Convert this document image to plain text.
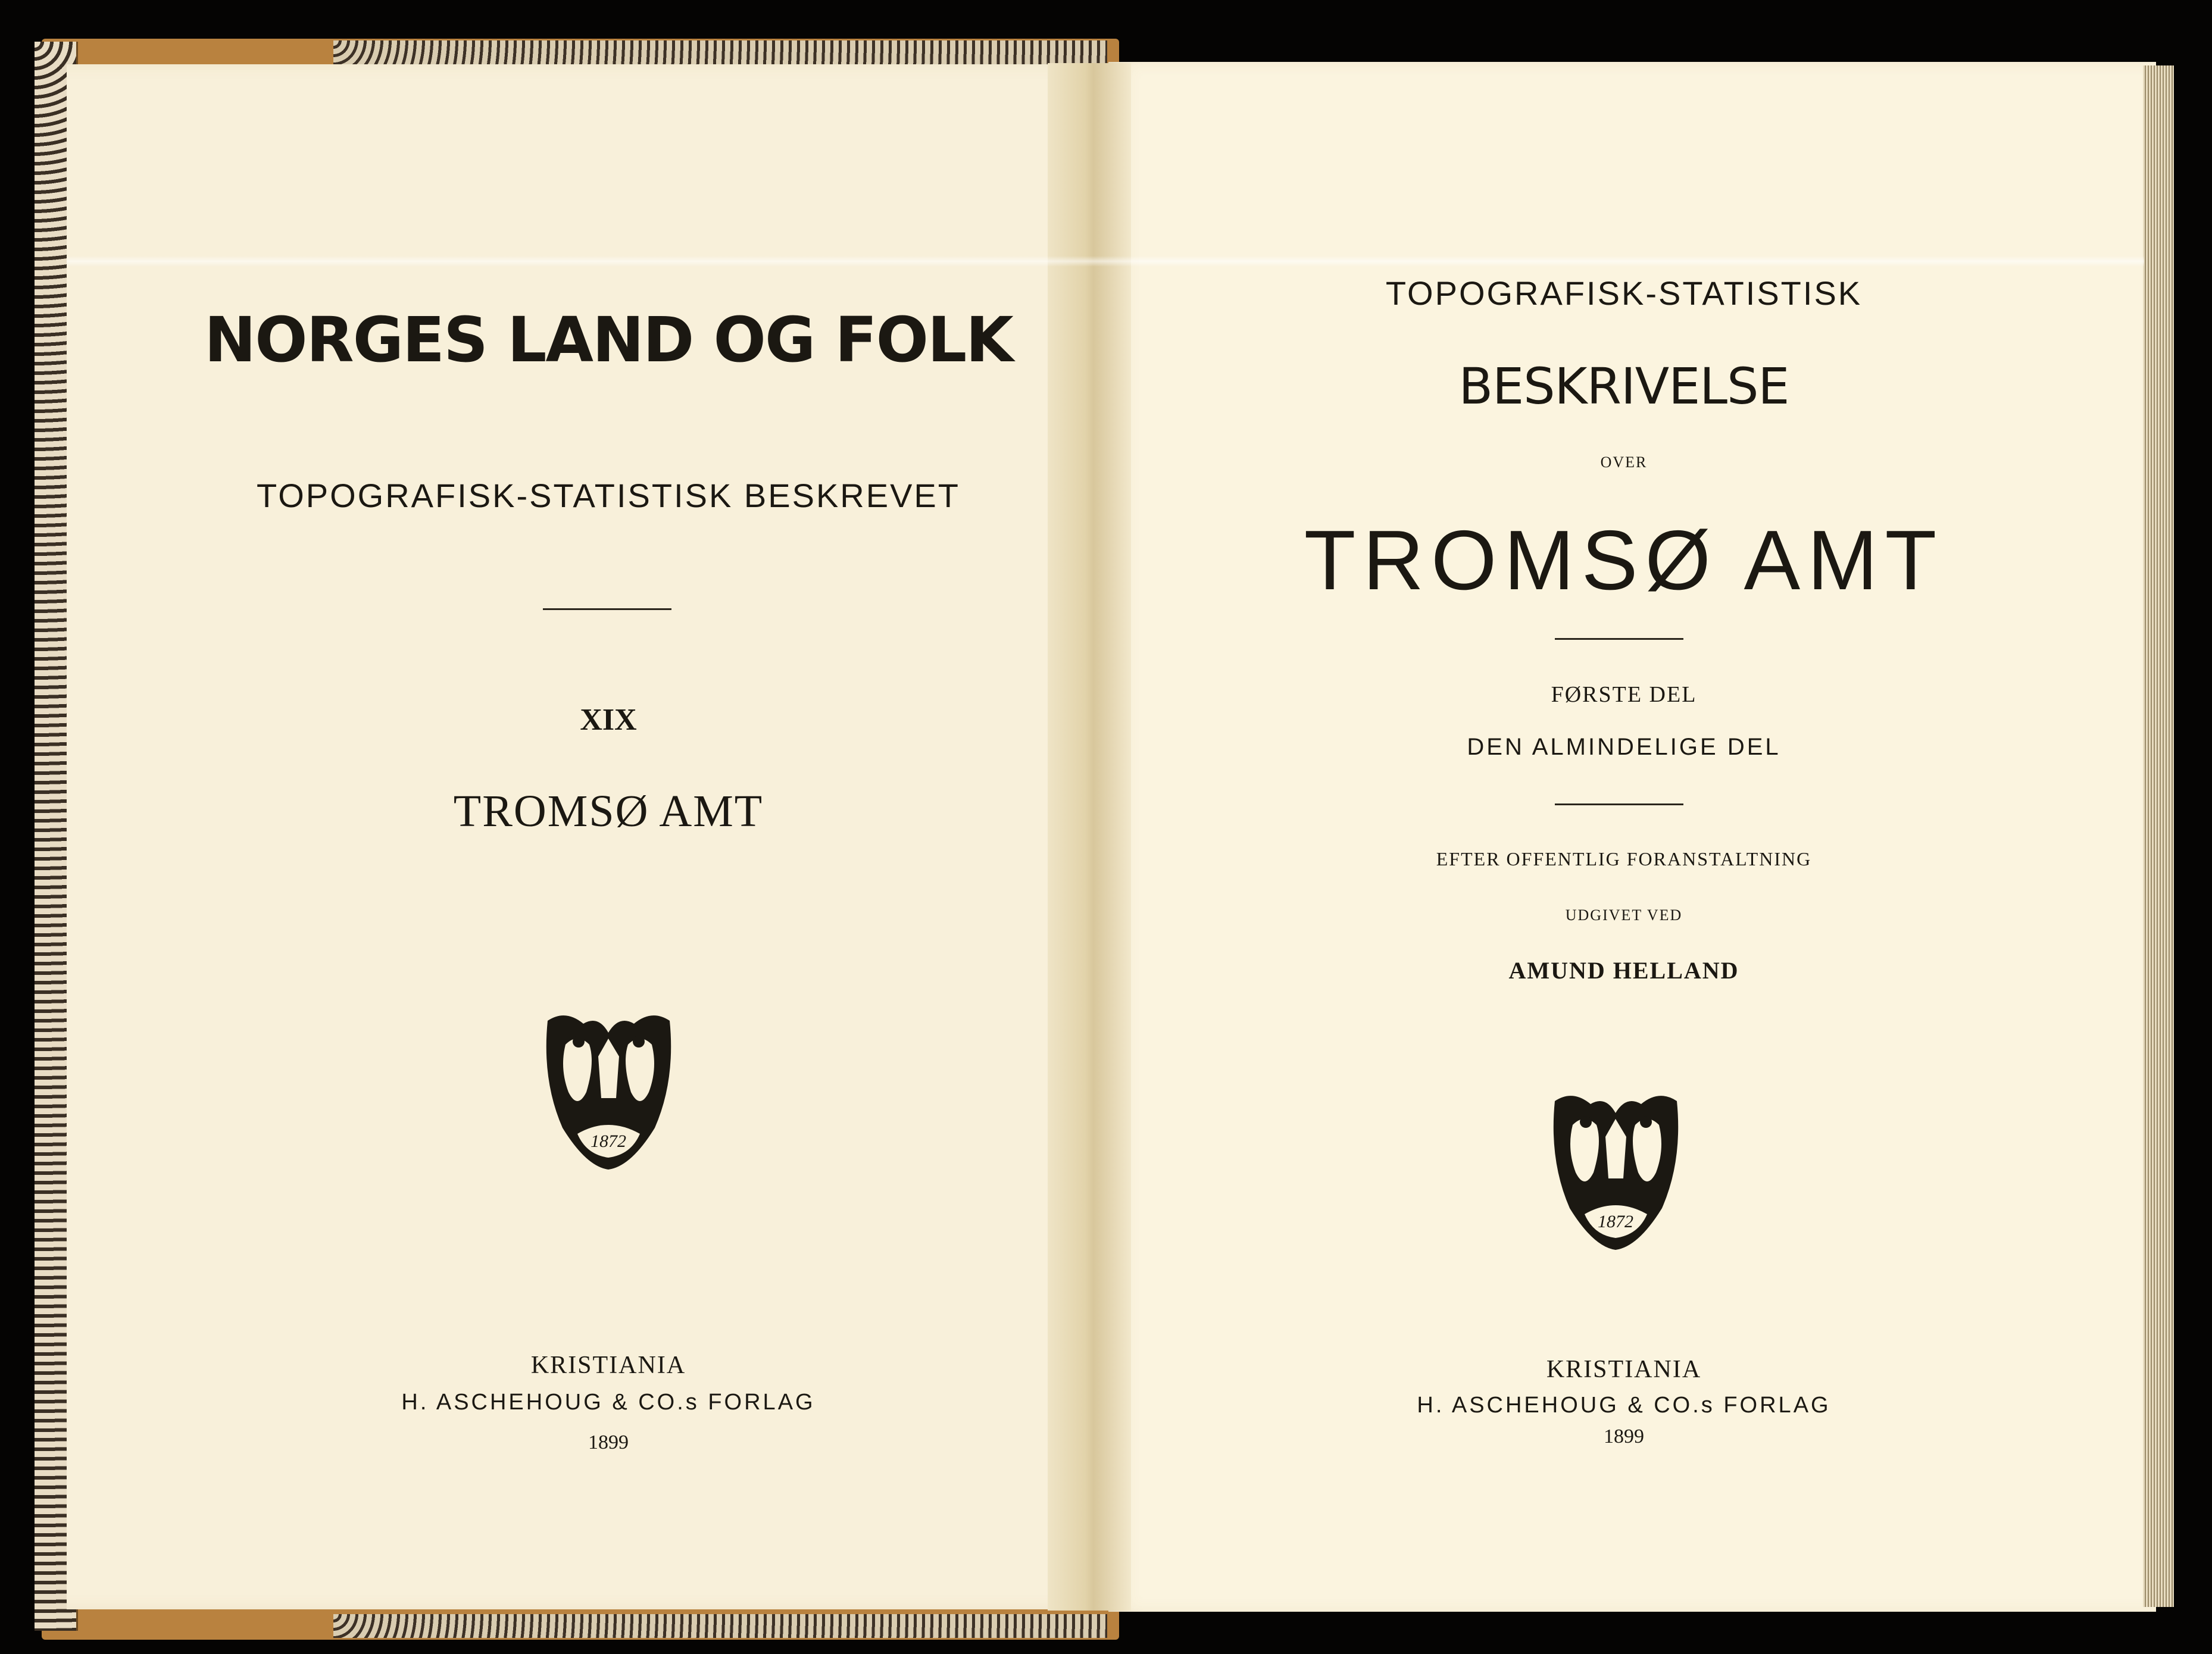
NORGES LAND OG FOLK
TOPOGRAFISK-STATISTISK BESKREVET
XIX
TROMSØ AMT
1872
KRISTIANIA
H. ASCHEHOUG & CO.s FORLAG
1899
TOPOGRAFISK-STATISTISK
BESKRIVELSE
OVER
TROMSØ AMT
FØRSTE DEL
DEN ALMINDELIGE DEL
EFTER OFFENTLIG FORANSTALTNING
UDGIVET VED
AMUND HELLAND
1872
KRISTIANIA
H. ASCHEHOUG & CO.s FORLAG
1899
